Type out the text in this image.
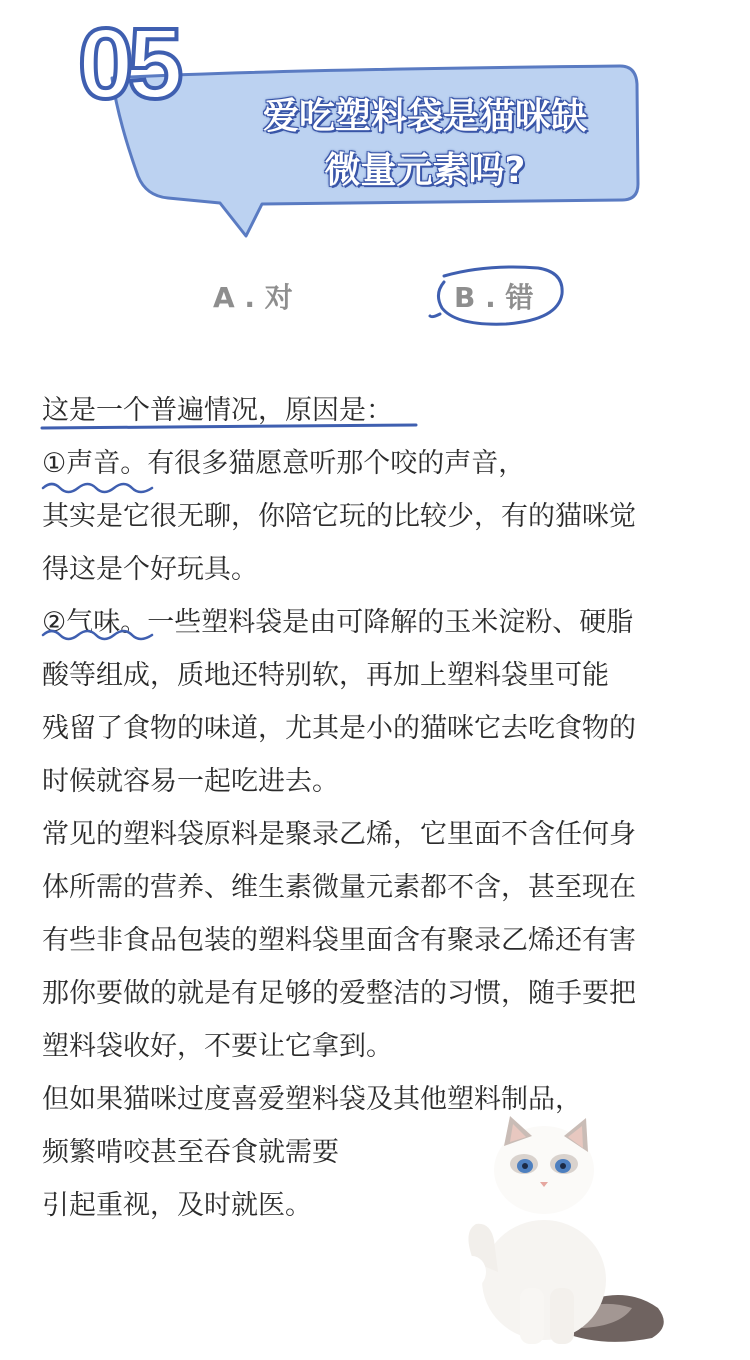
05	爱吃塑料袋是猫咪缺
微量元素吗?
A . 对	B . 错

这是一个普遍情况，原因是：

①声音。有很多猫愿意听那个咬的声音，

其实是它很无聊，你陪它玩的比较少，有的猫咪觉

得这是个好玩具。

②气味。一些塑料袋是由可降解的玉米淀粉、硬脂

酸等组成，质地还特别软，再加上塑料袋里可能

残留了食物的味道，尤其是小的猫咪它去吃食物的

时候就容易一起吃进去。

常见的塑料袋原料是聚录乙烯，它里面不含任何身

体所需的营养、维生素微量元素都不含，甚至现在

有些非食品包装的塑料袋里面含有聚录乙烯还有害

那你要做的就是有足够的爱整洁的习惯，随手要把

塑料袋收好，不要让它拿到。

但如果猫咪过度喜爱塑料袋及其他塑料制品，

频繁啃咬甚至吞食就需要

引起重视，及时就医。
